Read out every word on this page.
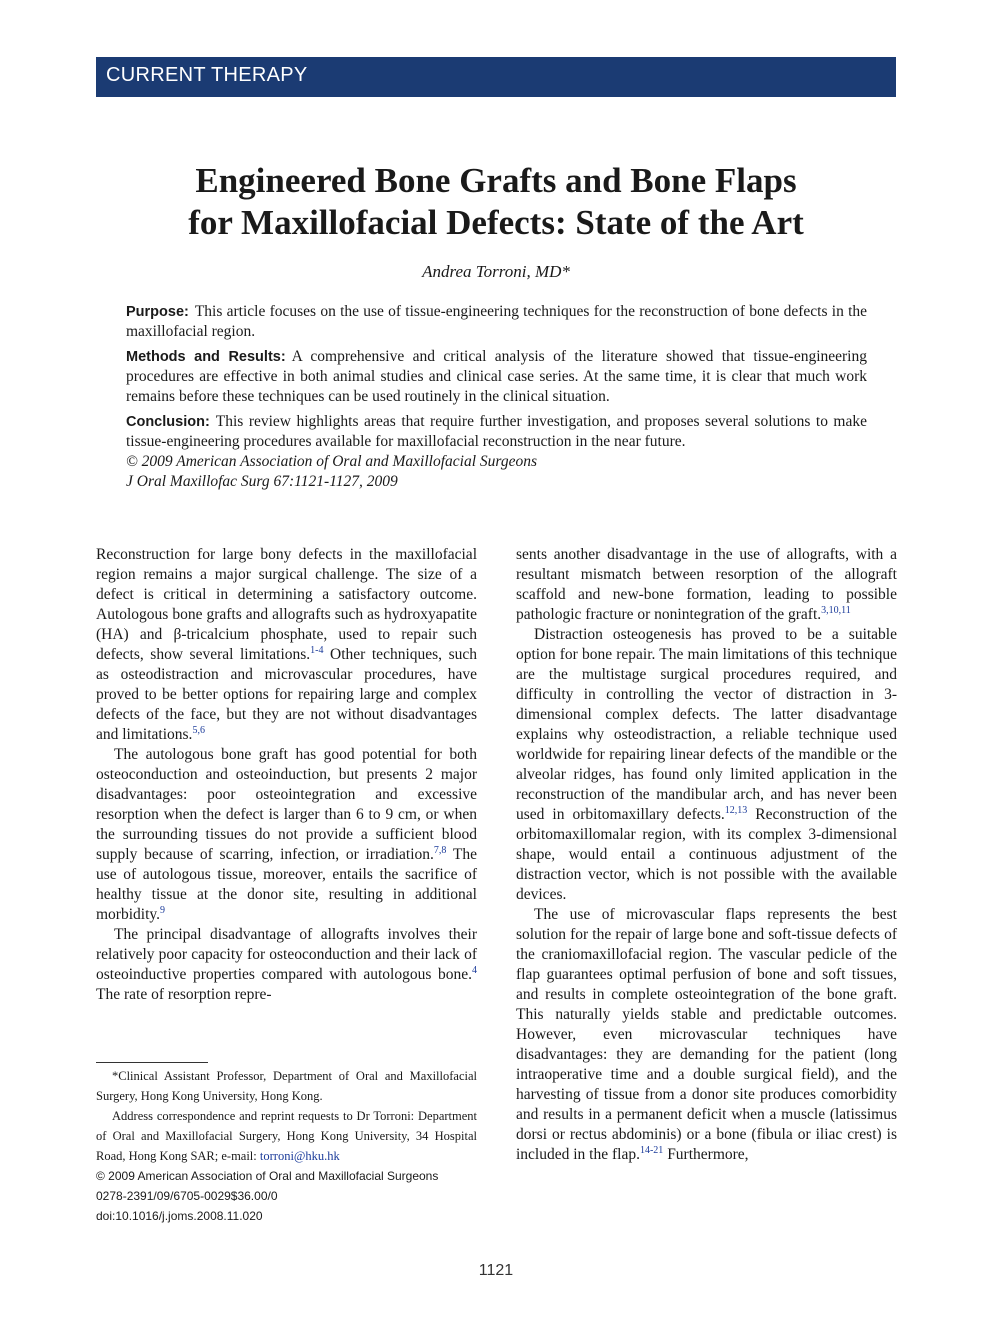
CURRENT THERAPY
Engineered Bone Grafts and Bone Flaps
for Maxillofacial Defects: State of the Art
Andrea Torroni, MD*

Purpose: This article focuses on the use of tissue-engineering techniques for the reconstruction of bone defects in the maxillofacial region.

Methods and Results: A comprehensive and critical analysis of the literature showed that tissue-engineering procedures are effective in both animal studies and clinical case series. At the same time, it is clear that much work remains before these techniques can be used routinely in the clinical situation.

Conclusion: This review highlights areas that require further investigation, and proposes several solutions to make tissue-engineering procedures available for maxillofacial reconstruction in the near future.

© 2009 American Association of Oral and Maxillofacial Surgeons

J Oral Maxillofac Surg 67:1121-1127, 2009

Reconstruction for large bony defects in the maxillofacial region remains a major surgical challenge. The size of a defect is critical in determining a satisfactory outcome. Autologous bone grafts and allografts such as hydroxyapatite (HA) and β-tricalcium phosphate, used to repair such defects, show several limitations.$^{1-4}$ Other techniques, such as osteodistraction and microvascular procedures, have proved to be better options for repairing large and complex defects of the face, but they are not without disadvantages and limitations.$^{5,6}$

The autologous bone graft has good potential for both osteoconduction and osteoinduction, but presents 2 major disadvantages: poor osteointegration and excessive resorption when the defect is larger than 6 to 9 cm, or when the surrounding tissues do not provide a sufficient blood supply because of scarring, infection, or irradiation.$^{7,8}$ The use of autologous tissue, moreover, entails the sacrifice of healthy tissue at the donor site, resulting in additional morbidity.$^9$

The principal disadvantage of allografts involves their relatively poor capacity for osteoconduction and their lack of osteoinductive properties compared with autologous bone.$^4$ The rate of resorption repre-

sents another disadvantage in the use of allografts, with a resultant mismatch between resorption of the allograft scaffold and new-bone formation, leading to possible pathologic fracture or nonintegration of the graft.$^{3,10,11}$

Distraction osteogenesis has proved to be a suitable option for bone repair. The main limitations of this technique are the multistage surgical procedures required, and difficulty in controlling the vector of distraction in 3-dimensional complex defects. The latter disadvantage explains why osteodistraction, a reliable technique used worldwide for repairing linear defects of the mandible or the alveolar ridges, has found only limited application in the reconstruction of the mandibular arch, and has never been used in orbitomaxillary defects.$^{12,13}$ Reconstruction of the orbitomaxillomalar region, with its complex 3-dimensional shape, would entail a continuous adjustment of the distraction vector, which is not possible with the available devices.

The use of microvascular flaps represents the best solution for the repair of large bone and soft-tissue defects of the craniomaxillofacial region. The vascular pedicle of the flap guarantees optimal perfusion of bone and soft tissues, and results in complete osteointegration of the bone graft. This naturally yields stable and predictable outcomes. However, even microvascular techniques have disadvantages: they are demanding for the patient (long intraoperative time and a double surgical field), and the harvesting of tissue from a donor site produces comorbidity and results in a permanent deficit when a muscle (latissimus dorsi or rectus abdominis) or a bone (fibula or iliac crest) is included in the flap.$^{14-21}$ Furthermore,

*Clinical Assistant Professor, Department of Oral and Maxillofacial Surgery, Hong Kong University, Hong Kong.

Address correspondence and reprint requests to Dr Torroni: Department of Oral and Maxillofacial Surgery, Hong Kong University, 34 Hospital Road, Hong Kong SAR; e-mail: torroni@hku.hk

© 2009 American Association of Oral and Maxillofacial Surgeons

0278-2391/09/6705-0029$36.00/0

doi:10.1016/j.joms.2008.11.020

1121
